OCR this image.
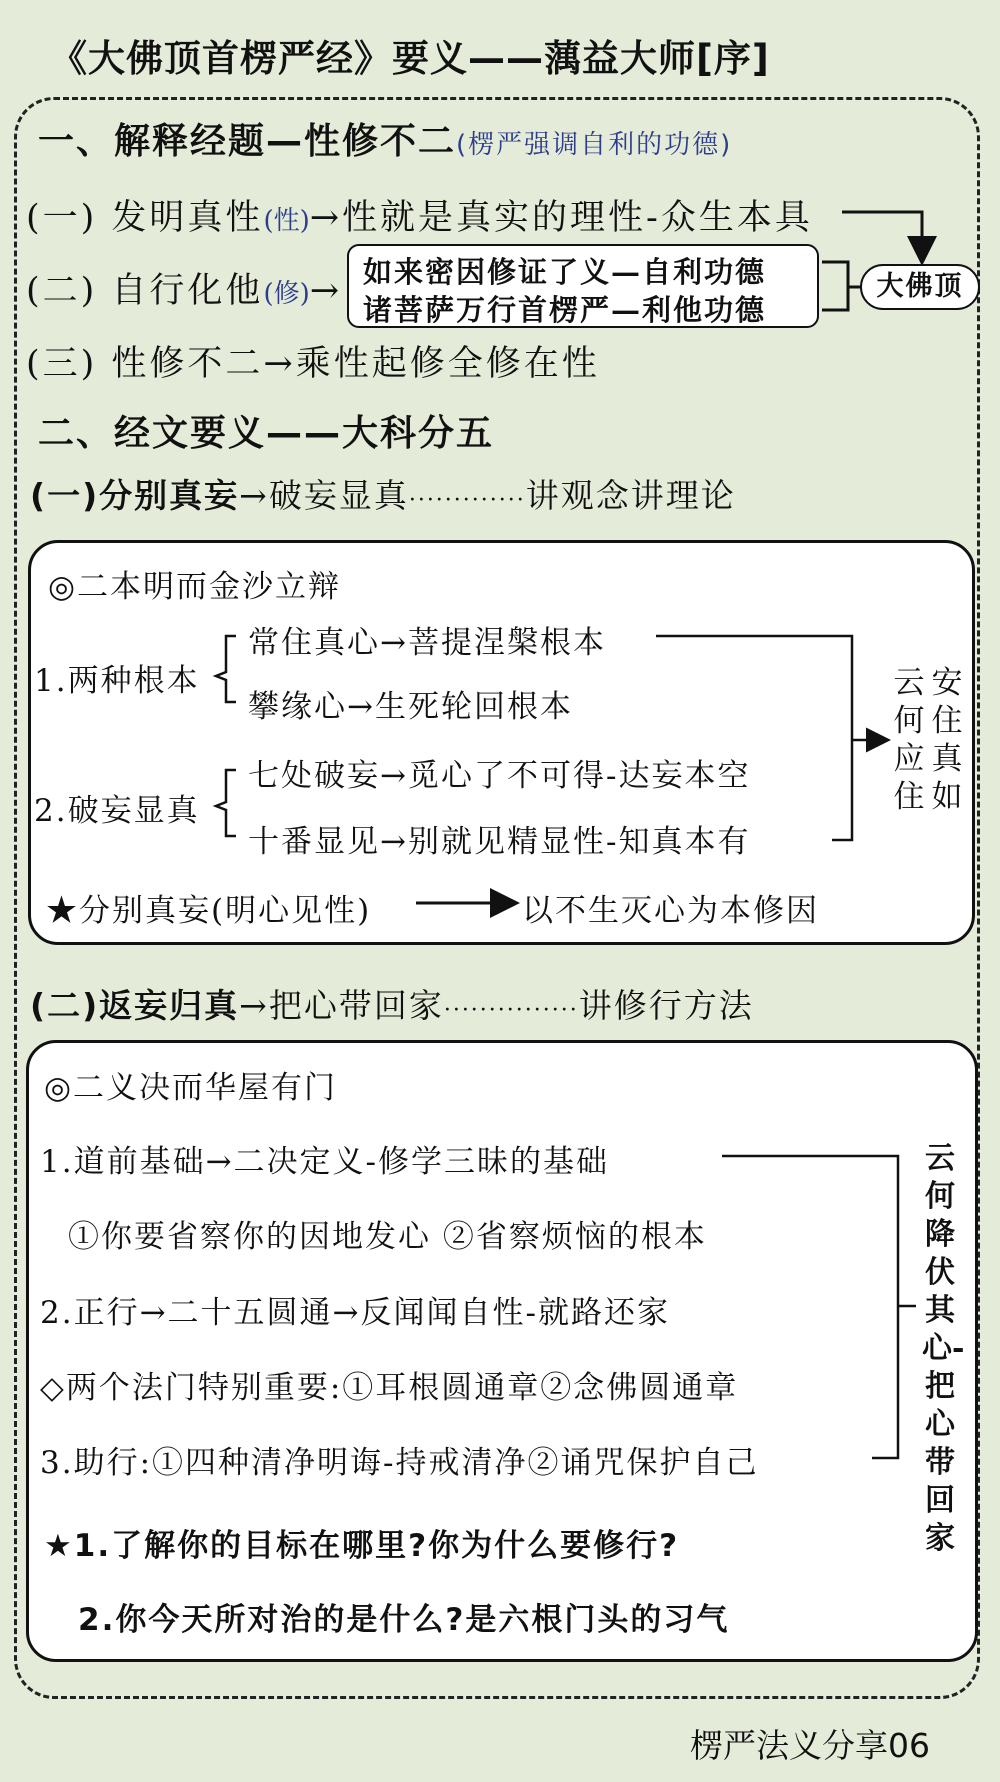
《大佛顶首楞严经》要义——蕅益大师[序]
一、解释经题—性修不二(楞严强调自利的功德)
(一) 发明真性(性)→性就是真实的理性-众生本具
(二) 自行化他(修)→ 如来密因修证了义—自利功德
诸菩萨万行首楞严—利他功德
大佛顶
(三) 性修不二→乘性起修全修在性
二、经文要义——大科分五
(一)分别真妄→破妄显真·············讲观念讲理论
◎二本明而金沙立辩
1.两种根本
常住真心→菩提涅槃根本
攀缘心→生死轮回根本
2.破妄显真
七处破妄→觅心了不可得-达妄本空
十番显见→别就见精显性-知真本有
云何应住
安住真如
★分别真妄(明心见性)	以不生灭心为本修因
(二)返妄归真→把心带回家···············讲修行方法
◎二义决而华屋有门
1.道前基础→二决定义-修学三昧的基础
①你要省察你的因地发心 ②省察烦恼的根本
2.正行→二十五圆通→反闻闻自性-就路还家
◇两个法门特别重要:①耳根圆通章②念佛圆通章
3.助行:①四种清净明诲-持戒清净②诵咒保护自己
云何降伏其心-把心带回家
★1.了解你的目标在哪里?你为什么要修行?
2.你今天所对治的是什么?是六根门头的习气
楞严法义分享06
